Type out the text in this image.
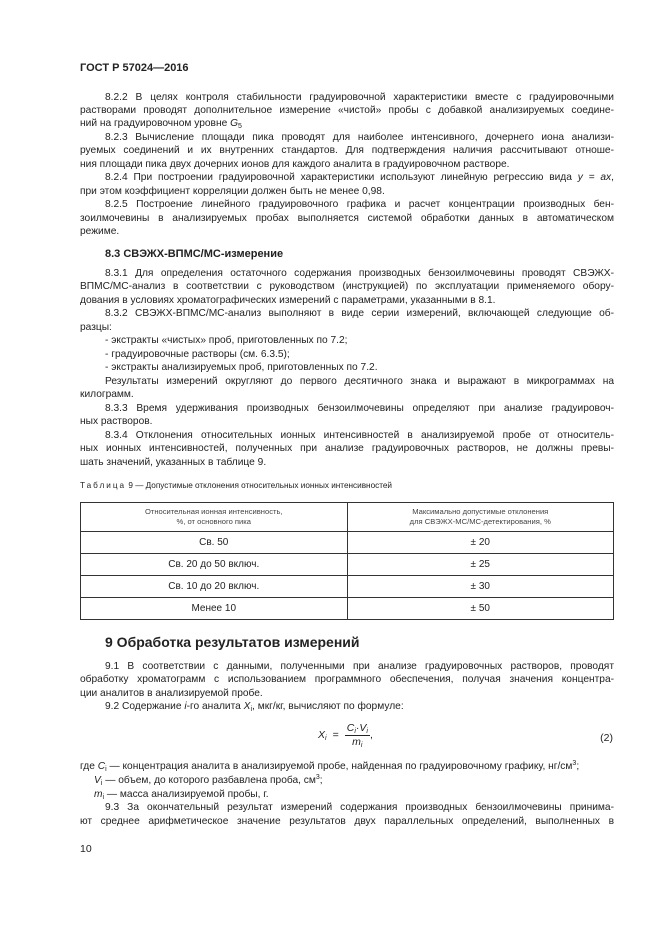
ГОСТ Р 57024—2016
8.2.2 В целях контроля стабильности градуировочной характеристики вместе с градуировочными
растворами проводят дополнительное измерение «чистой» пробы с добавкой анализируемых соедине-
ний на градуировочном уровне $G_5$
8.2.3 Вычисление площади пика проводят для наиболее интенсивного, дочернего иона анализи-
руемых соединений и их внутренних стандартов. Для подтверждения наличия рассчитывают отноше-
ния площади пика двух дочерних ионов для каждого аналита в градуировочном растворе.
8.2.4 При построении градуировочной характеристики используют линейную регрессию вида y = ax,
при этом коэффициент корреляции должен быть не менее 0,98.
8.2.5 Построение линейного градуировочного графика и расчет концентрации производных бен-
зоилмочевины в анализируемых пробах выполняется системой обработки данных в автоматическом
режиме.
8.3 СВЭЖХ-ВПМС/МС-измерение
8.3.1 Для определения остаточного содержания производных бензоилмочевины проводят СВЭЖХ-
ВПМС/МС-анализ в соответствии с руководством (инструкцией) по эксплуатации применяемого обору-
дования в условиях хроматографических измерений с параметрами, указанными в 8.1.
8.3.2 СВЭЖХ-ВПМС/МС-анализ выполняют в виде серии измерений, включающей следующие об-
разцы:
- экстракты «чистых» проб, приготовленных по 7.2;
- градуировочные растворы (см. 6.3.5);
- экстракты анализируемых проб, приготовленных по 7.2.
Результаты измерений округляют до первого десятичного знака и выражают в микрограммах на
килограмм.
8.3.3 Время удерживания производных бензоилмочевины определяют при анализе градуировоч-
ных растворов.
8.3.4 Отклонения относительных ионных интенсивностей в анализируемой пробе от относитель-
ных ионных интенсивностей, полученных при анализе градуировочных растворов, не должны превы-
шать значений, указанных в таблице 9.
Таблица 9 — Допустимые отклонения относительных ионных интенсивностей
Относительная ионная интенсивность,
%, от основного пика	Максимально допустимые отклонения
для СВЭЖХ-МС/МС-детектирования, %
Св. 50	± 20
Св. 20 до 50 включ.	± 25
Св. 10 до 20 включ.	± 30
Менее 10	± 50
9 Обработка результатов измерений
9.1 В соответствии с данными, полученными при анализе градуировочных растворов, проводят
обработку хроматограмм с использованием программного обеспечения, получая значения концентра-
ции аналитов в анализируемой пробе.
9.2 Содержание i-го аналита $X_i$, мкг/кг, вычисляют по формуле:
$X_i = \frac{C_i\cdot V_i}{m_i}$ ,	(2)
где $C_i$ — концентрация аналита в анализируемой пробе, найденная по градуировочному графику, $нг/см^3$;
$V_i$ — объем, до которого разбавлена проба, $см^3$;
$m_i$ — масса анализируемой пробы, г.
9.3 За окончательный результат измерений содержания производных бензоилмочевины принима-
ют среднее арифметическое значение результатов двух параллельных определений, выполненных в
10
